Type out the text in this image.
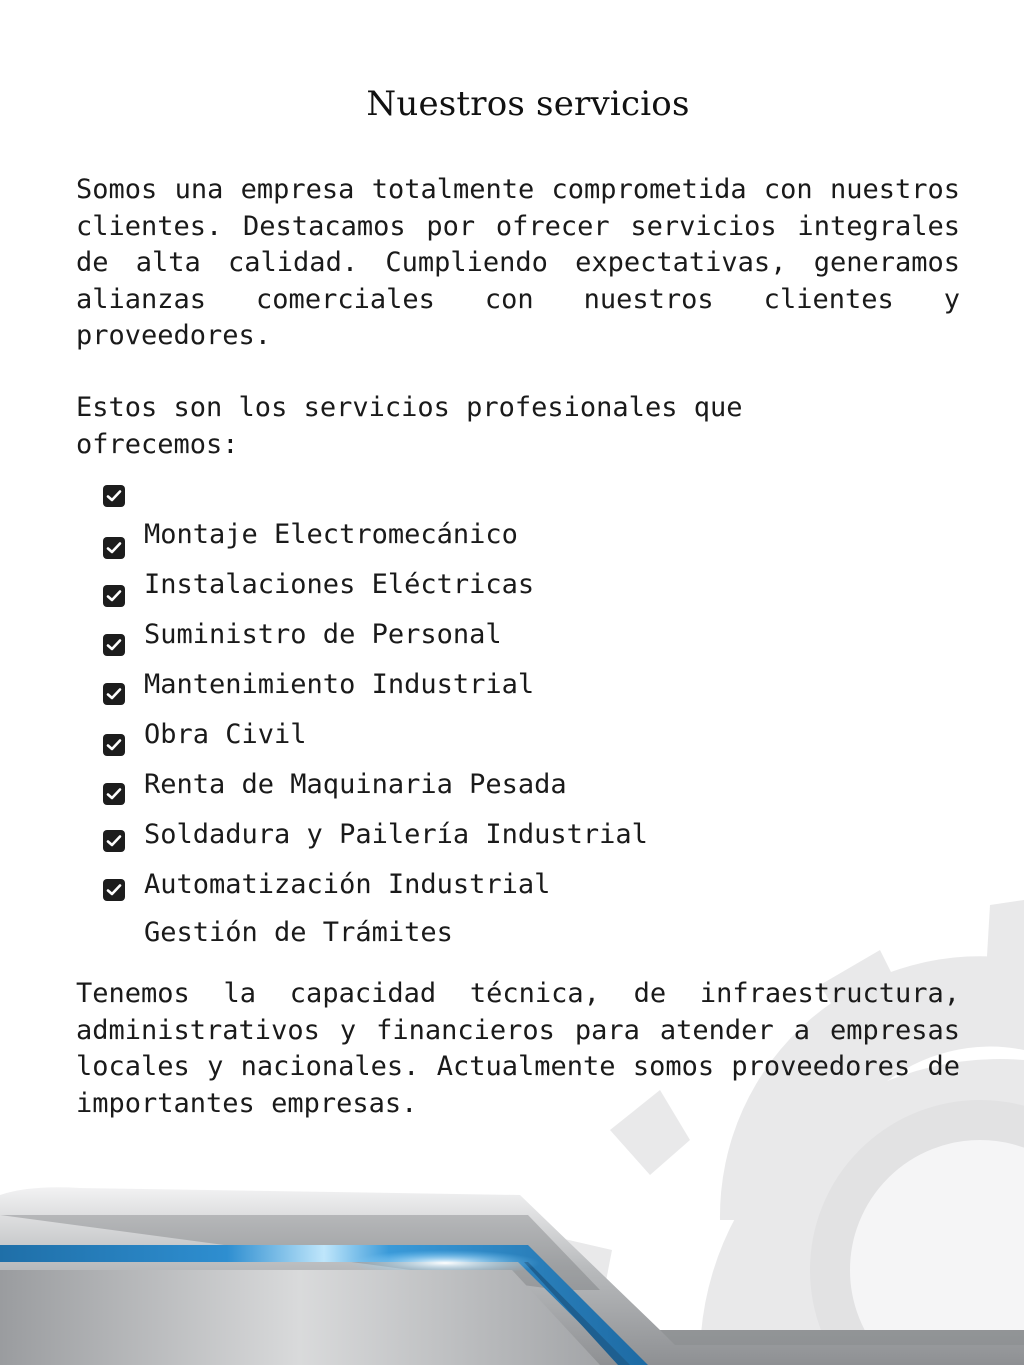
Nuestros servicios

Somos una empresa totalmente comprometida con nuestros clientes. Destacamos por ofrecer servicios integrales de alta calidad. Cumpliendo expectativas, generamos alianzas comerciales con nuestros clientes y proveedores.

Estos son los servicios profesionales que ofrecemos:

Montaje Electromecánico
Instalaciones Eléctricas
Suministro de Personal
Mantenimiento Industrial
Obra Civil
Renta de Maquinaria Pesada
Soldadura y Pailería Industrial
Automatización Industrial
Gestión de Trámites

Tenemos la capacidad técnica, de infraestructura, administrativos y financieros para atender a empresas locales y nacionales. Actualmente somos proveedores de importantes empresas.
